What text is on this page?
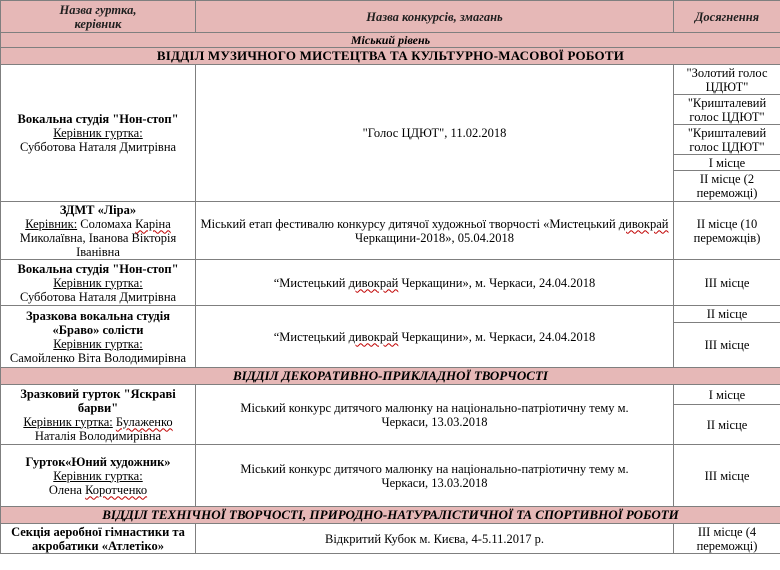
Назва гуртка, керівник	Назва конкурсів, змагань	Досягнення
Міський рівень		
ВІДДІЛ МУЗИЧНОГО МИСТЕЦТВА ТА КУЛЬТУРНО-МАСОВОЇ РОБОТИ		

Вокальна студія "Нон-стоп"
Керівник гуртка:
Субботова Наталя Дмитрівна	"Голос ЦДЮТ", 11.02.2018	"Золотий голос ЦДЮТ"
		"Кришталевий голос ЦДЮТ"
		"Кришталевий голос ЦДЮТ"
		І місце
		ІІ місце (2 переможці)

ЗДМТ «Ліра»
Керівник: Соломаха Каріна Миколаївна, Іванова Вікторія Іванівна	Міський етап фестивалю конкурсу дитячої художньої творчості «Мистецький дивокрай Черкащини-2018», 05.04.2018	ІІ місце (10 переможців)

Вокальна студія "Нон-стоп"
Керівник гуртка:
Субботова Наталя Дмитрівна	“Мистецький дивокрай Черкащини», м. Черкаси, 24.04.2018	ІІІ місце

Зразкова вокальна студія «Браво» солісти
Керівник гуртка:
Самойленко Віта Володимирівна	“Мистецький дивокрай Черкащини», м. Черкаси, 24.04.2018	ІІ місце
		ІІІ місце
ВІДДІЛ ДЕКОРАТИВНО-ПРИКЛАДНОЇ ТВОРЧОСТІ		

Зразковий гурток "Яскраві барви"
Керівник гуртка: Булаженко Наталія Володимирівна	Міський конкурс дитячого малюнку на національно-патріотичну тему м. Черкаси, 13.03.2018	І місце
		ІІ місце

Гурток«Юний художник»
Керівник гуртка:
Олена Коротченко	Міський конкурс дитячого малюнку на національно-патріотичну тему м. Черкаси, 13.03.2018	ІІІ місце
ВІДДІЛ ТЕХНІЧНОЇ ТВОРЧОСТІ, ПРИРОДНО-НАТУРАЛІСТИЧНОЇ ТА СПОРТИВНОЇ РОБОТИ		

Секція аеробної гімнастики та акробатики «Атлетіко»	Відкритий Кубок м. Києва, 4-5.11.2017 р.	ІІІ місце (4 переможці)
